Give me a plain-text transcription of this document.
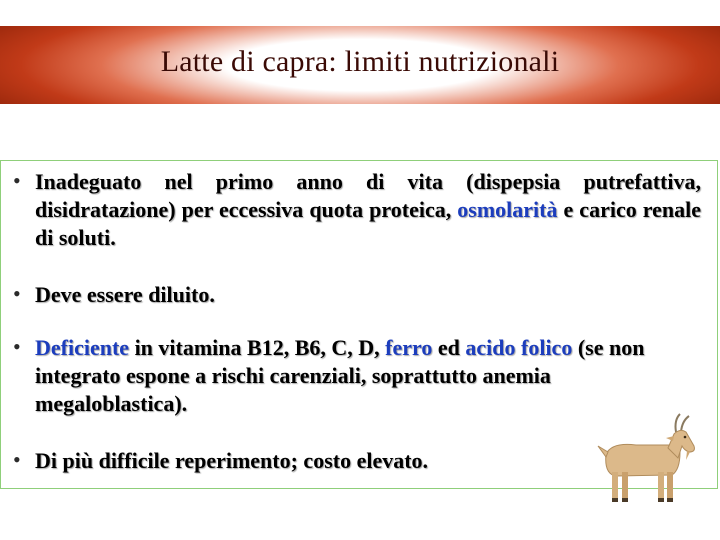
Latte di capra: limiti nutrizionali
• Inadeguato nel primo anno di vita (dispepsia putrefattiva, disidratazione) per eccessiva quota proteica, osmolarità e carico renale di soluti.
• Deve essere diluito.
• Deficiente in vitamina B12, B6, C, D, ferro ed acido folico (se non integrato espone a rischi carenziali, soprattutto anemia megaloblastica).
• Di più difficile reperimento; costo elevato.
